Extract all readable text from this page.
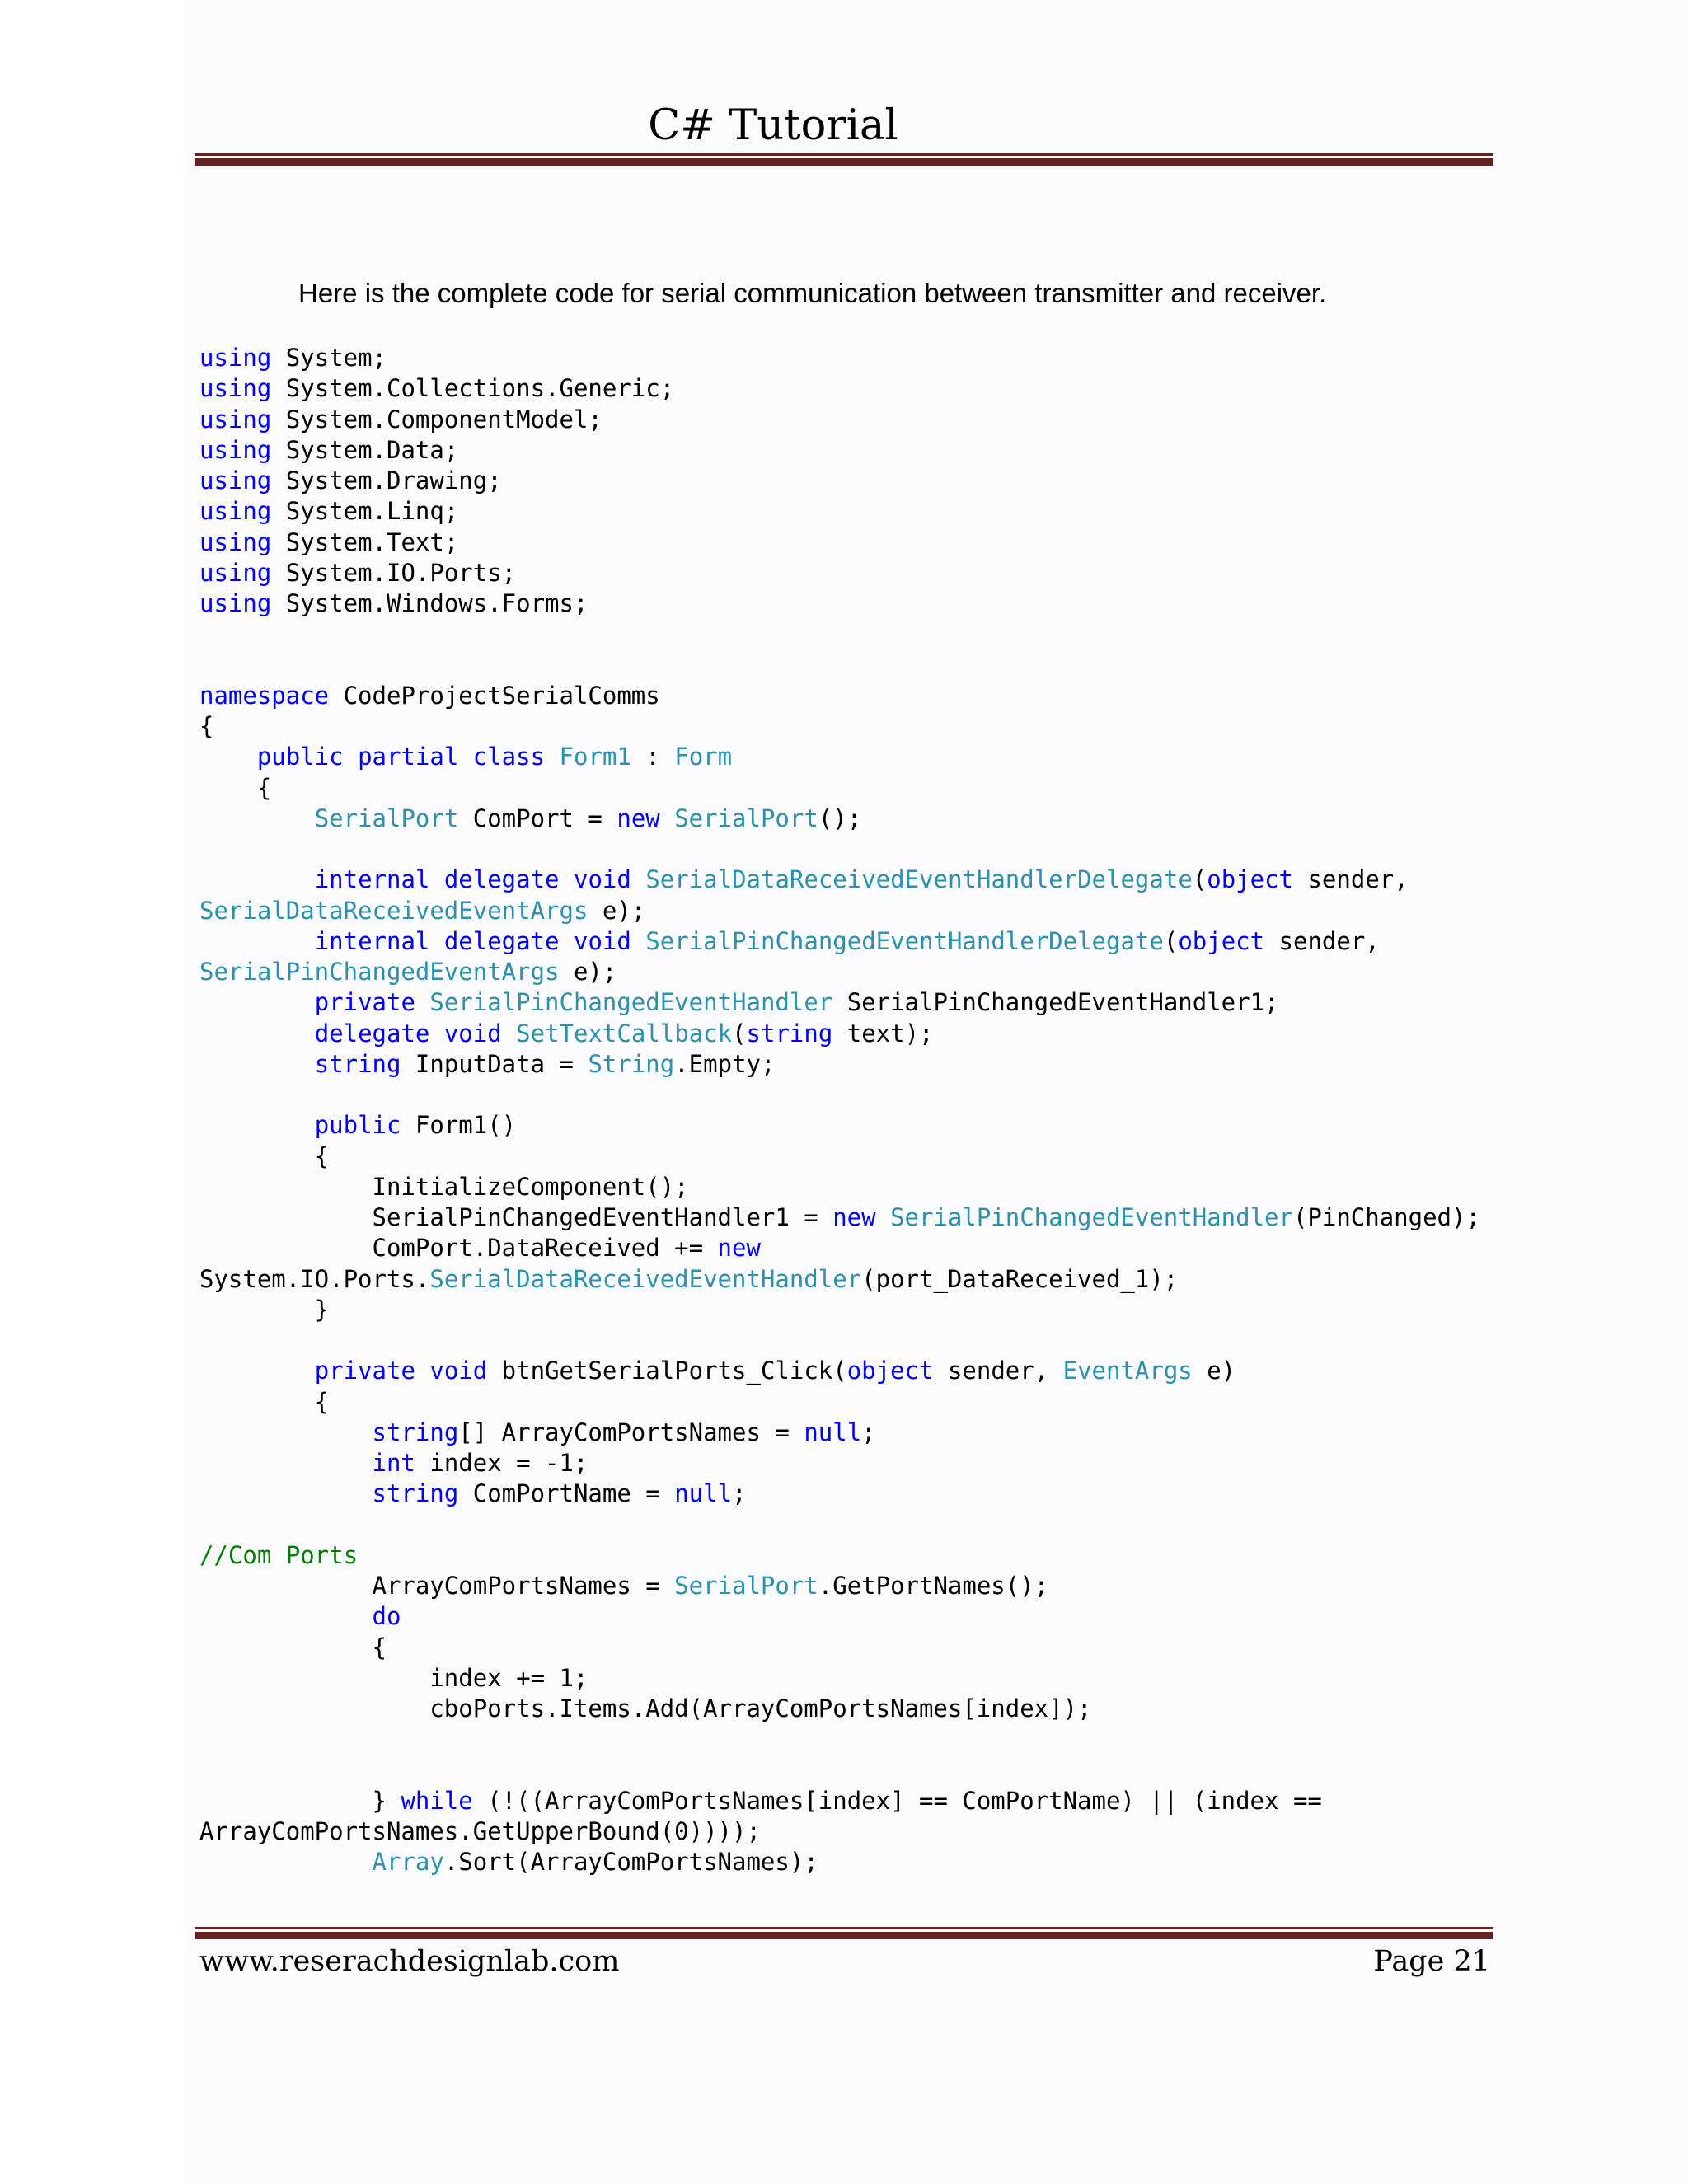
C# Tutorial
Here is the complete code for serial communication between transmitter and receiver.
using System;
using System.Collections.Generic;
using System.ComponentModel;
using System.Data;
using System.Drawing;
using System.Linq;
using System.Text;
using System.IO.Ports;
using System.Windows.Forms;
namespace CodeProjectSerialComms
{
public partial class Form1 : Form
{
SerialPort ComPort = new SerialPort();
internal delegate void SerialDataReceivedEventHandlerDelegate(object sender,
SerialDataReceivedEventArgs e);
internal delegate void SerialPinChangedEventHandlerDelegate(object sender,
SerialPinChangedEventArgs e);
private SerialPinChangedEventHandler SerialPinChangedEventHandler1;
delegate void SetTextCallback(string text);
string InputData = String.Empty;
public Form1()
{
InitializeComponent();
SerialPinChangedEventHandler1 = new SerialPinChangedEventHandler(PinChanged);
ComPort.DataReceived += new
System.IO.Ports.SerialDataReceivedEventHandler(port_DataReceived_1);
}
private void btnGetSerialPorts_Click(object sender, EventArgs e)
{
string[] ArrayComPortsNames = null;
int index = -1;
string ComPortName = null;
//Com Ports
ArrayComPortsNames = SerialPort.GetPortNames();
do
{
index += 1;
cboPorts.Items.Add(ArrayComPortsNames[index]);
} while (!((ArrayComPortsNames[index] == ComPortName) || (index ==
ArrayComPortsNames.GetUpperBound(0))));
Array.Sort(ArrayComPortsNames);
www.reserachdesignlab.com	Page 21
